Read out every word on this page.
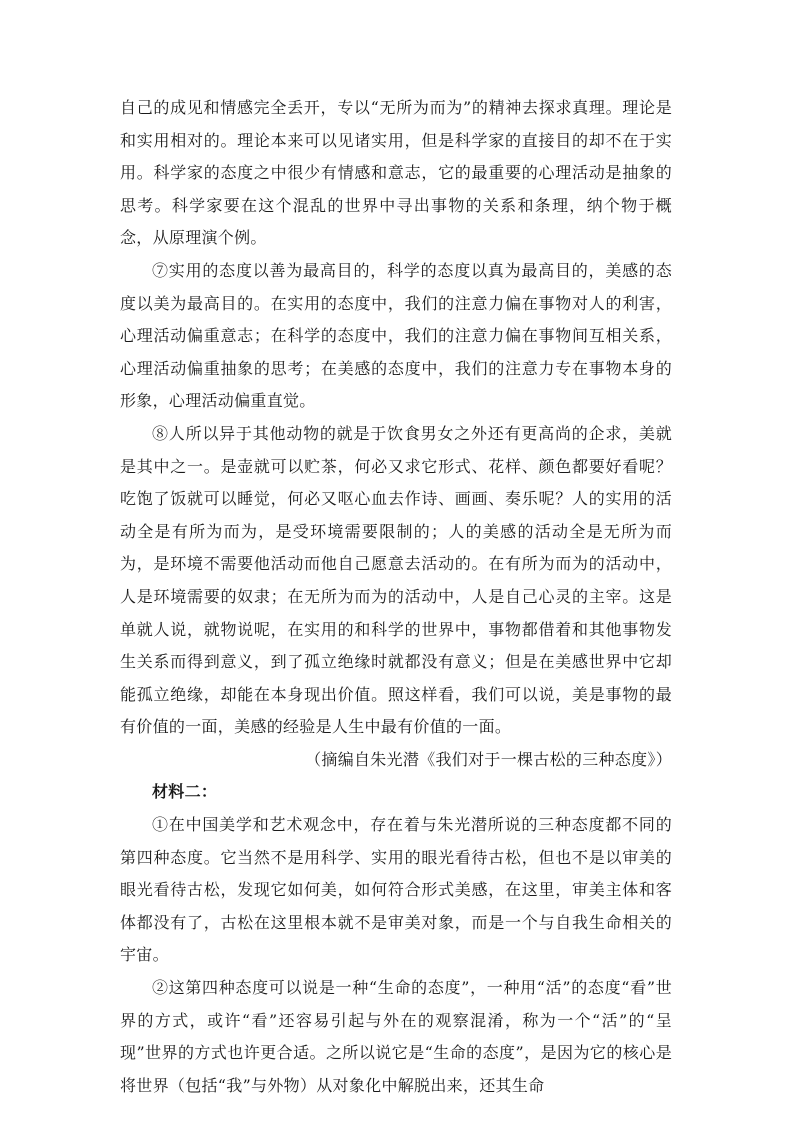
自己的成见和情感完全丢开，专以“无所为而为”的精神去探求真理。理论是和实用相对的。理论本来可以见诸实用，但是科学家的直接目的却不在于实用。科学家的态度之中很少有情感和意志，它的最重要的心理活动是抽象的思考。科学家要在这个混乱的世界中寻出事物的关系和条理，纳个物于概念，从原理演个例。

⑦实用的态度以善为最高目的，科学的态度以真为最高目的，美感的态度以美为最高目的。在实用的态度中，我们的注意力偏在事物对人的利害，心理活动偏重意志；在科学的态度中，我们的注意力偏在事物间互相关系，心理活动偏重抽象的思考；在美感的态度中，我们的注意力专在事物本身的形象，心理活动偏重直觉。

⑧人所以异于其他动物的就是于饮食男女之外还有更高尚的企求，美就是其中之一。是壶就可以贮茶，何必又求它形式、花样、颜色都要好看呢？吃饱了饭就可以睡觉，何必又呕心血去作诗、画画、奏乐呢？人的实用的活动全是有所为而为，是受环境需要限制的；人的美感的活动全是无所为而为，是环境不需要他活动而他自己愿意去活动的。在有所为而为的活动中，人是环境需要的奴隶；在无所为而为的活动中，人是自己心灵的主宰。这是单就人说，就物说呢，在实用的和科学的世界中，事物都借着和其他事物发生关系而得到意义，到了孤立绝缘时就都没有意义；但是在美感世界中它却能孤立绝缘，却能在本身现出价值。照这样看，我们可以说，美是事物的最有价值的一面，美感的经验是人生中最有价值的一面。

（摘编自朱光潜《我们对于一棵古松的三种态度》）

材料二：

①在中国美学和艺术观念中，存在着与朱光潜所说的三种态度都不同的第四种态度。它当然不是用科学、实用的眼光看待古松，但也不是以审美的眼光看待古松，发现它如何美，如何符合形式美感，在这里，审美主体和客体都没有了，古松在这里根本就不是审美对象，而是一个与自我生命相关的宇宙。

②这第四种态度可以说是一种“生命的态度”，一种用“活”的态度“看”世界的方式，或许“看”还容易引起与外在的观察混淆，称为一个“活”的“呈现”世界的方式也许更合适。之所以说它是“生命的态度”，是因为它的核心是将世界（包括“我”与外物）从对象化中解脱出来，还其生命
